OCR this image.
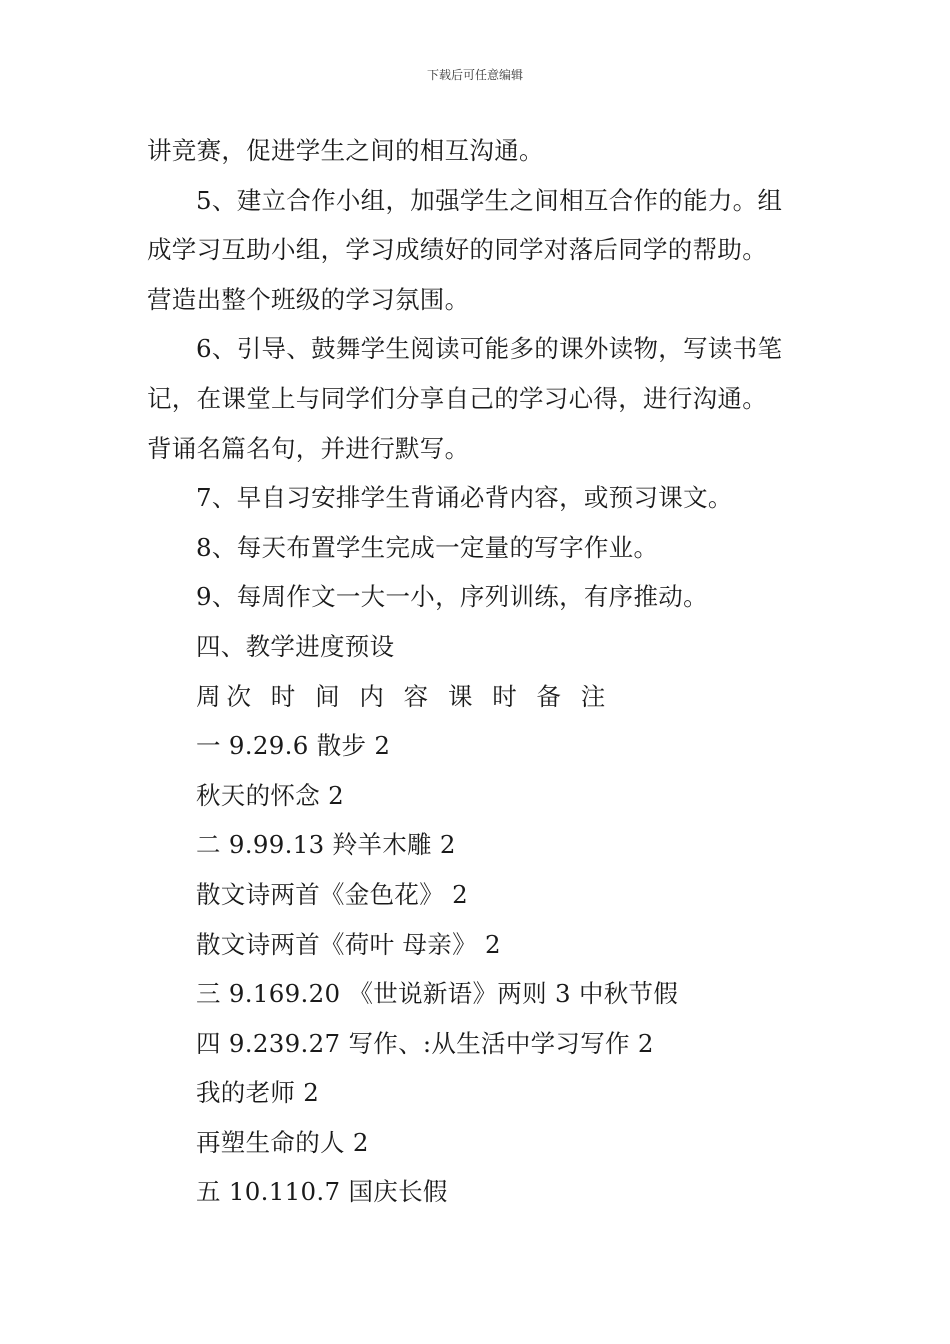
下载后可任意编辑
讲竞赛，促进学生之间的相互沟通。
5、建立合作小组，加强学生之间相互合作的能力。组
成学习互助小组，学习成绩好的同学对落后同学的帮助。
营造出整个班级的学习氛围。
6、引导、鼓舞学生阅读可能多的课外读物，写读书笔
记，在课堂上与同学们分享自己的学习心得，进行沟通。
背诵名篇名句，并进行默写。
7、早自习安排学生背诵必背内容，或预习课文。
8、每天布置学生完成一定量的写字作业。
9、每周作文一大一小，序列训练，有序推动。
四、教学进度预设
周次 时 间 内 容 课 时 备 注
一 9.29.6 散步 2
秋天的怀念 2
二 9.99.13 羚羊木雕 2
散文诗两首《金色花》 2
散文诗两首《荷叶 母亲》 2
三 9.169.20 《世说新语》两则 3 中秋节假
四 9.239.27 写作、:从生活中学习写作 2
我的老师 2
再塑生命的人 2
五 10.110.7 国庆长假
